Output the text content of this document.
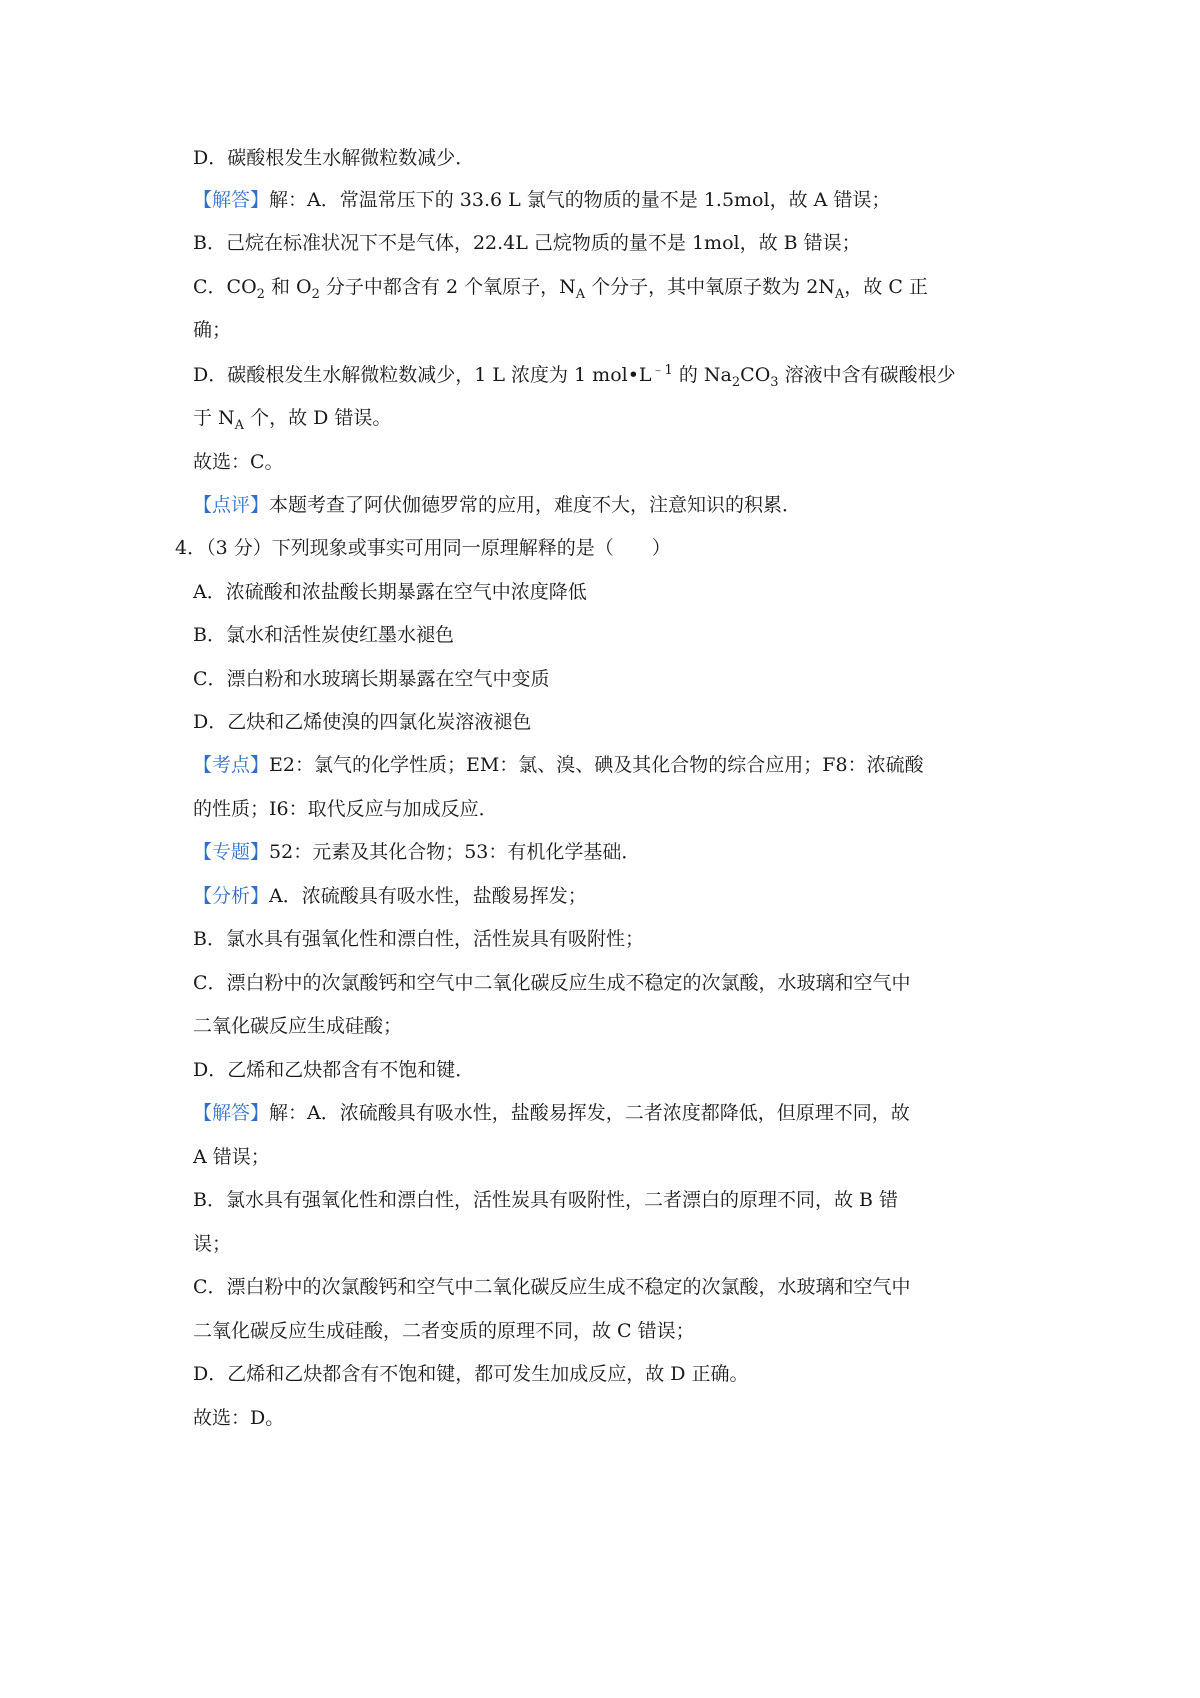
D．碳酸根发生水解微粒数减少．
【解答】解：A．常温常压下的 33.6 L 氯气的物质的量不是 1.5mol，故 A 错误；
B．己烷在标准状况下不是气体，22.4L 己烷物质的量不是 1mol，故 B 错误；
C．$CO_2$ 和 $O_2$ 分子中都含有 2 个氧原子，$N_A$ 个分子，其中氧原子数为 $2N_A$，故 C 正
确；
D．碳酸根发生水解微粒数减少，1 L 浓度为 1 $mol•L^{﹣1}$ 的 $Na_2CO_3$ 溶液中含有碳酸根少
于 $N_A$ 个，故 D 错误。
故选：C。
【点评】本题考查了阿伏伽德罗常的应用，难度不大，注意知识的积累．
4．（3 分）下列现象或事实可用同一原理解释的是（　　）
A．浓硫酸和浓盐酸长期暴露在空气中浓度降低
B．氯水和活性炭使红墨水褪色
C．漂白粉和水玻璃长期暴露在空气中变质
D．乙炔和乙烯使溴的四氯化炭溶液褪色
【考点】E2：氯气的化学性质；EM：氯、溴、碘及其化合物的综合应用；F8：浓硫酸
的性质；I6：取代反应与加成反应．
【专题】52：元素及其化合物；53：有机化学基础．
【分析】A．浓硫酸具有吸水性，盐酸易挥发；
B．氯水具有强氧化性和漂白性，活性炭具有吸附性；
C．漂白粉中的次氯酸钙和空气中二氧化碳反应生成不稳定的次氯酸，水玻璃和空气中
二氧化碳反应生成硅酸；
D．乙烯和乙炔都含有不饱和键．
【解答】解：A．浓硫酸具有吸水性，盐酸易挥发，二者浓度都降低，但原理不同，故
A 错误；
B．氯水具有强氧化性和漂白性，活性炭具有吸附性，二者漂白的原理不同，故 B 错
误；
C．漂白粉中的次氯酸钙和空气中二氧化碳反应生成不稳定的次氯酸，水玻璃和空气中
二氧化碳反应生成硅酸，二者变质的原理不同，故 C 错误；
D．乙烯和乙炔都含有不饱和键，都可发生加成反应，故 D 正确。
故选：D。
